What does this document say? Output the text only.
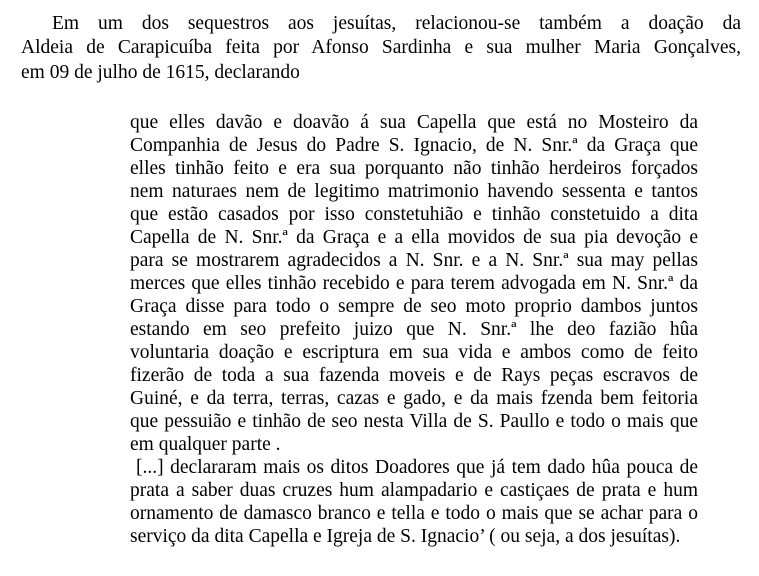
Em um dos sequestros aos jesuítas, relacionou-se também a doação da
Aldeia de Carapicuíba feita por Afonso Sardinha e sua mulher Maria Gonçalves,
em 09 de julho de 1615, declarando
que elles davão e doavão á sua Capella que está no Mosteiro da
Companhia de Jesus do Padre S. Ignacio, de N. Snr.ª da Graça que
elles tinhão feito e era sua porquanto não tinhão herdeiros forçados
nem naturaes nem de legitimo matrimonio havendo sessenta e tantos
que estão casados por isso constetuhião e tinhão constetuido a dita
Capella de N. Snr.ª da Graça e a ella movidos de sua pia devoção e
para se mostrarem agradecidos a N. Snr. e a N. Snr.ª sua may pellas
merces que elles tinhão recebido e para terem advogada em N. Snr.ª da
Graça disse para todo o sempre de seo moto proprio dambos juntos
estando em seo prefeito juizo que N. Snr.ª lhe deo fazião hûa
voluntaria doação e escriptura em sua vida e ambos como de feito
fizerão de toda a sua fazenda moveis e de Rays peças escravos de
Guiné, e da terra, terras, cazas e gado, e da mais fzenda bem feitoria
que pessuião e tinhão de seo nesta Villa de S. Paullo e todo o mais que
em qualquer parte .
[...] declararam mais os ditos Doadores que já tem dado hûa pouca de
prata a saber duas cruzes hum alampadario e castiçaes de prata e hum
ornamento de damasco branco e tella e todo o mais que se achar para o
serviço da dita Capella e Igreja de S. Ignacio’ ( ou seja, a dos jesuítas).
